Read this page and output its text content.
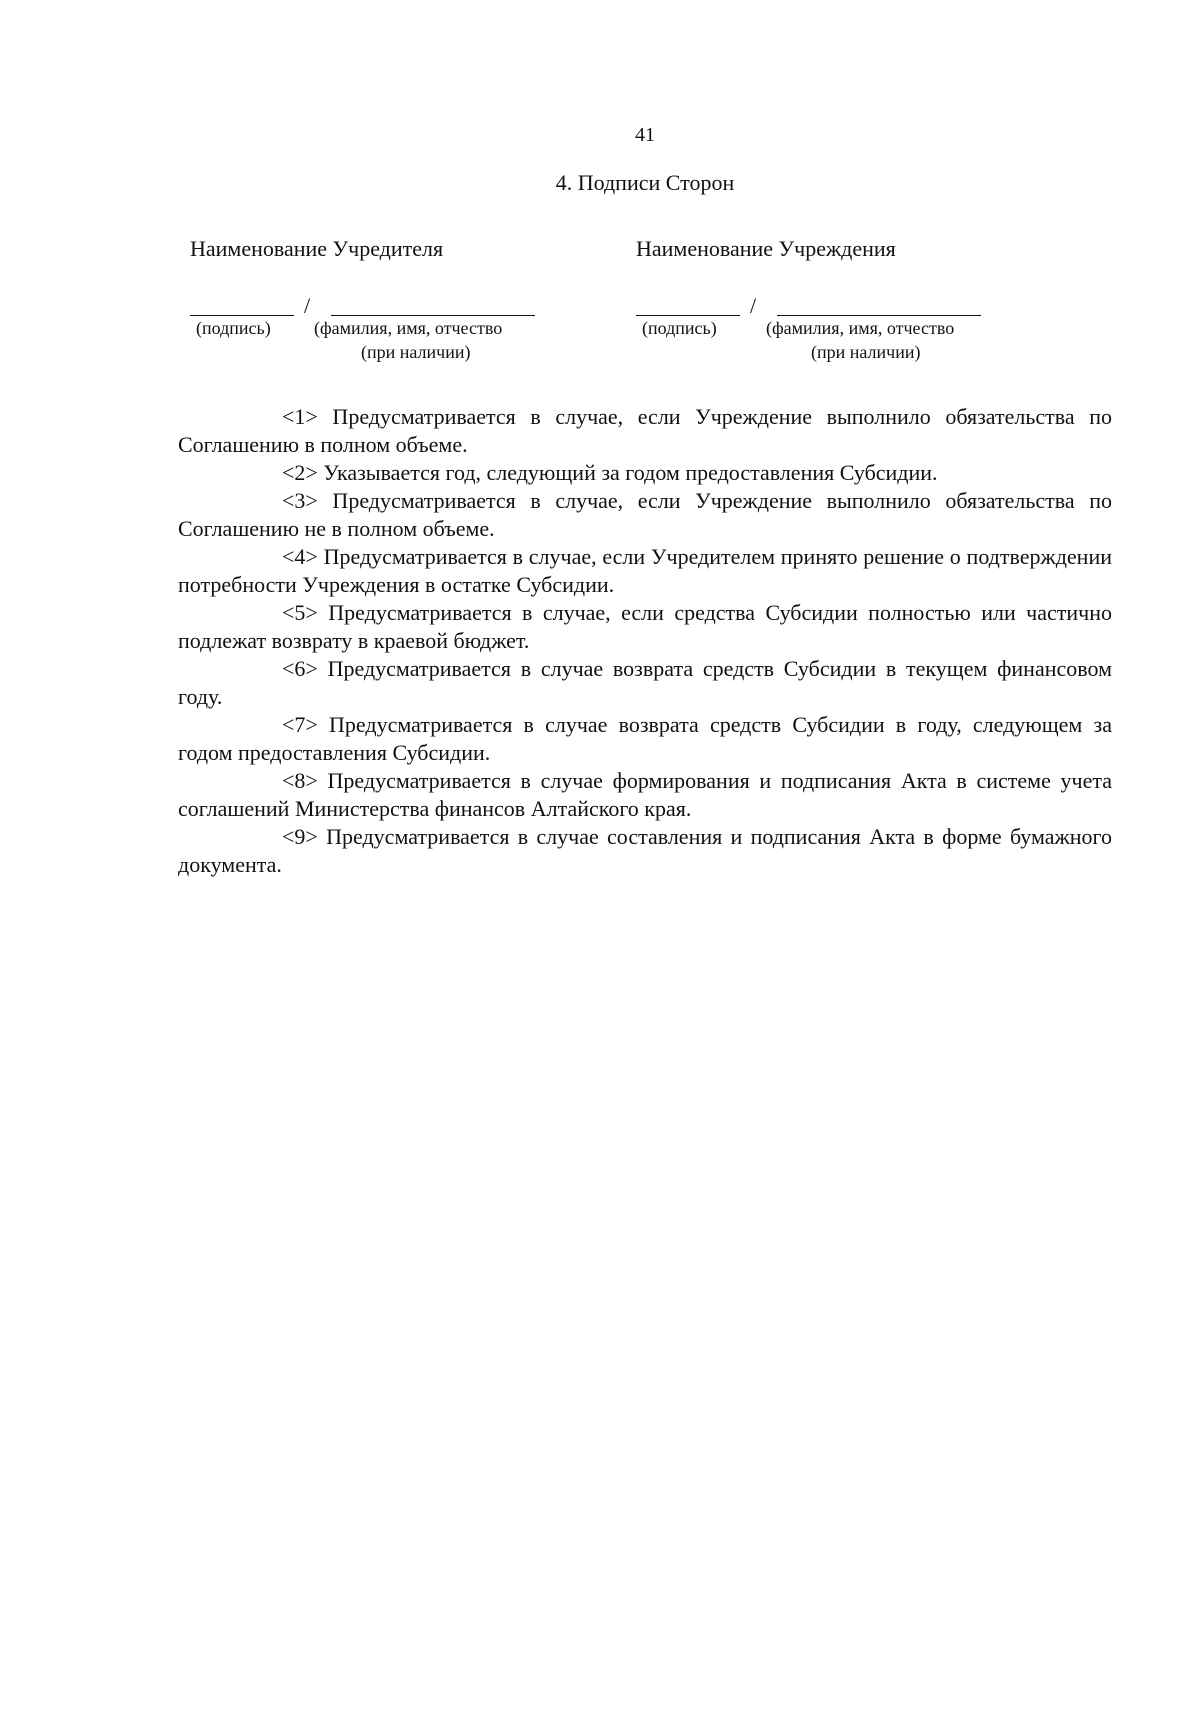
41
4. Подписи Сторон
Наименование Учредителя	Наименование Учреждения
/
(подпись) (фамилия, имя, отчество
(при наличии)
/
(подпись)	(фамилия, имя, отчество
(при наличии)

< 1 > Предусматривается в случае, если Учреждение выполнило обязательства по Соглашению в полном объеме.

< 2 > Указывается год, следующий за годом предоставления Субсидии.

< 3 > Предусматривается в случае, если Учреждение выполнило обязательства по Соглашению не в полном объеме.

< 4 > Предусматривается в случае, если Учредителем принято решение о подтверждении потребности Учреждения в остатке Субсидии.

< 5 > Предусматривается в случае, если средства Субсидии полностью или частично подлежат возврату в краевой бюджет.

< 6 > Предусматривается в случае возврата средств Субсидии в текущем финансовом году.

< 7 > Предусматривается в случае возврата средств Субсидии в году, следующем за годом предоставления Субсидии.

< 8 > Предусматривается в случае формирования и подписания Акта в системе учета соглашений Министерства финансов Алтайского края.

< 9 > Предусматривается в случае составления и подписания Акта в форме бумажного документа.
